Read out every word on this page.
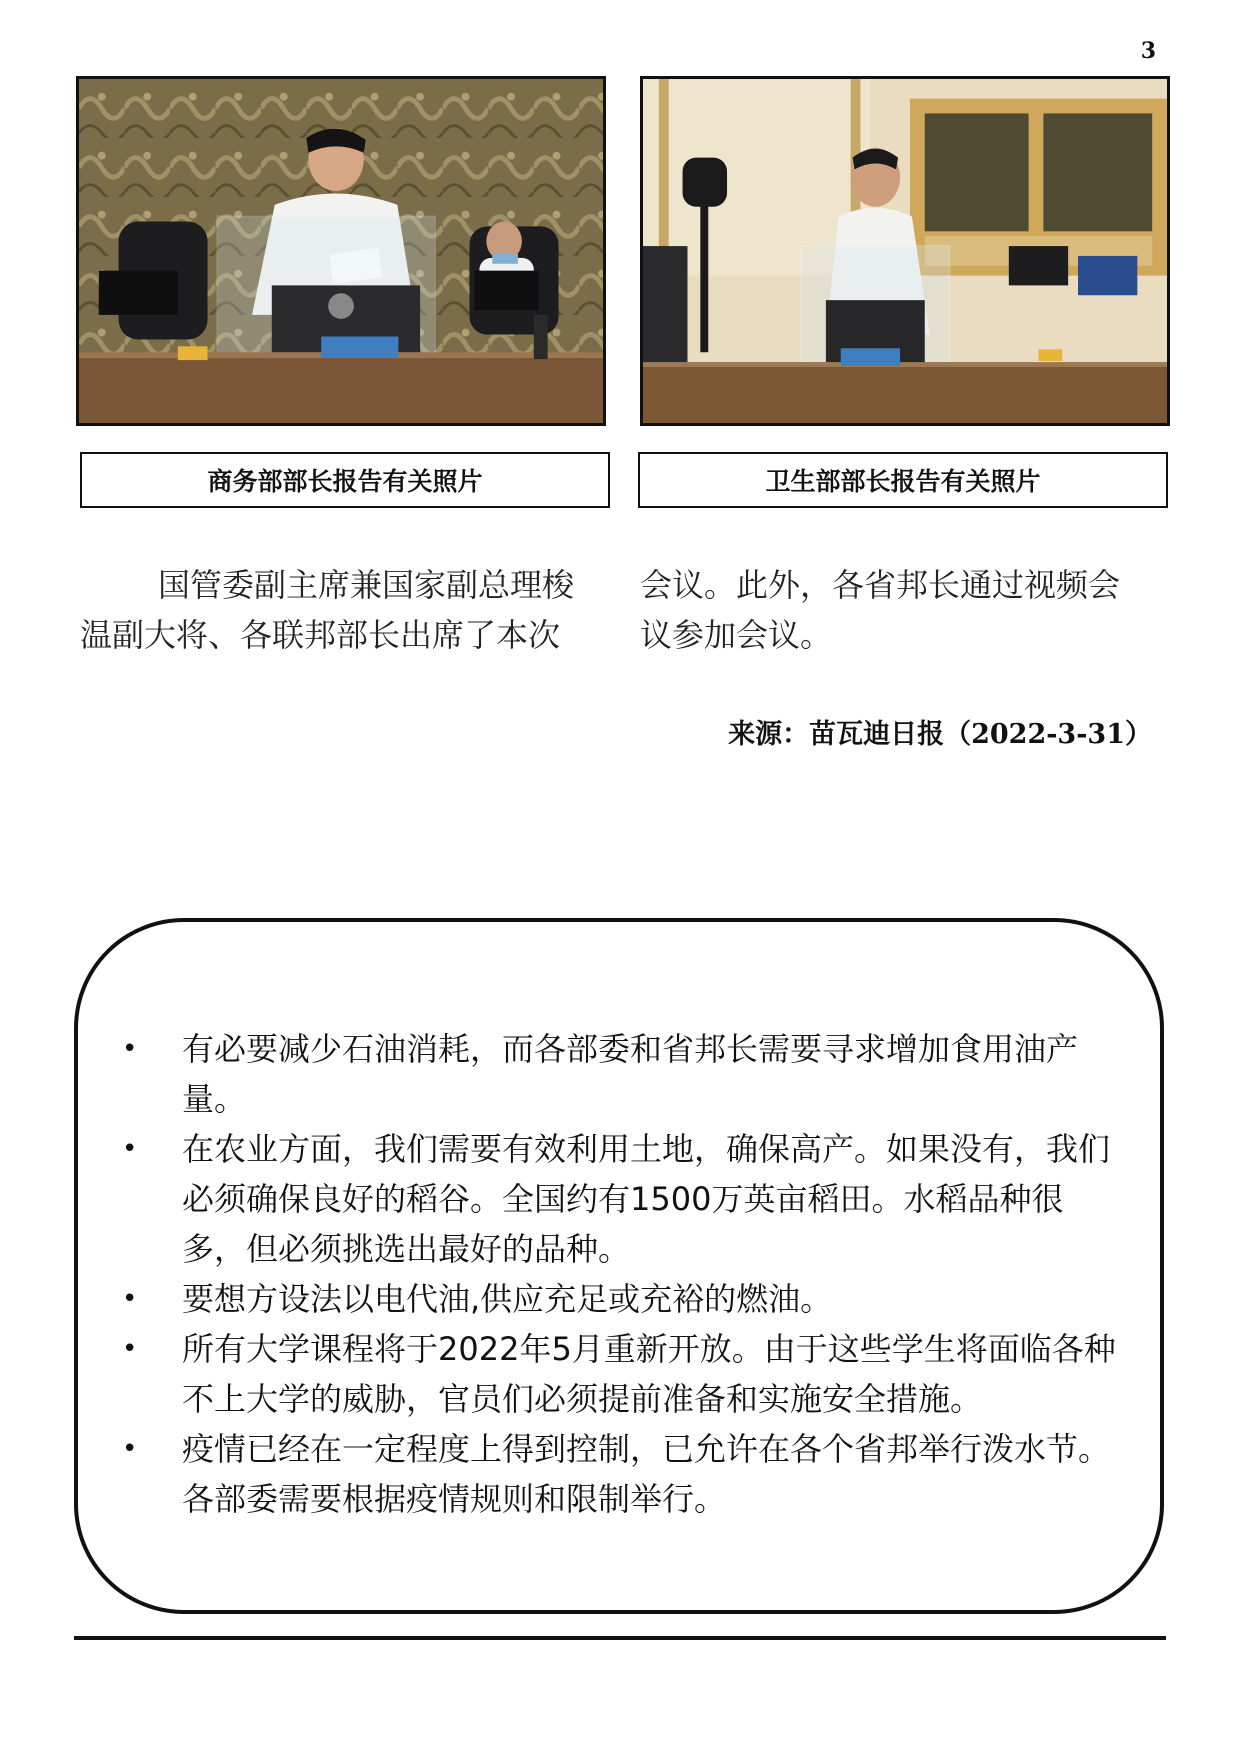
3
商务部部长报告有关照片	卫生部部长报告有关照片

国管委副主席兼国家副总理梭
温副大将、各联邦部长出席了本次

会议。此外，各省邦长通过视频会
议参加会议。

来源：苗瓦迪日报（2022-3-31）
• 有必要减少石油消耗，而各部委和省邦长需要寻求增加食用油产量。
• 在农业方面，我们需要有效利用土地，确保高产。如果没有，我们必须确保良好的稻谷。全国约有1500万英亩稻田。水稻品种很多，但必须挑选出最好的品种。
• 要想方设法以电代油,供应充足或充裕的燃油。
• 所有大学课程将于2022年5月重新开放。由于这些学生将面临各种不上大学的威胁，官员们必须提前准备和实施安全措施。
• 疫情已经在一定程度上得到控制，已允许在各个省邦举行泼水节。各部委需要根据疫情规则和限制举行。
